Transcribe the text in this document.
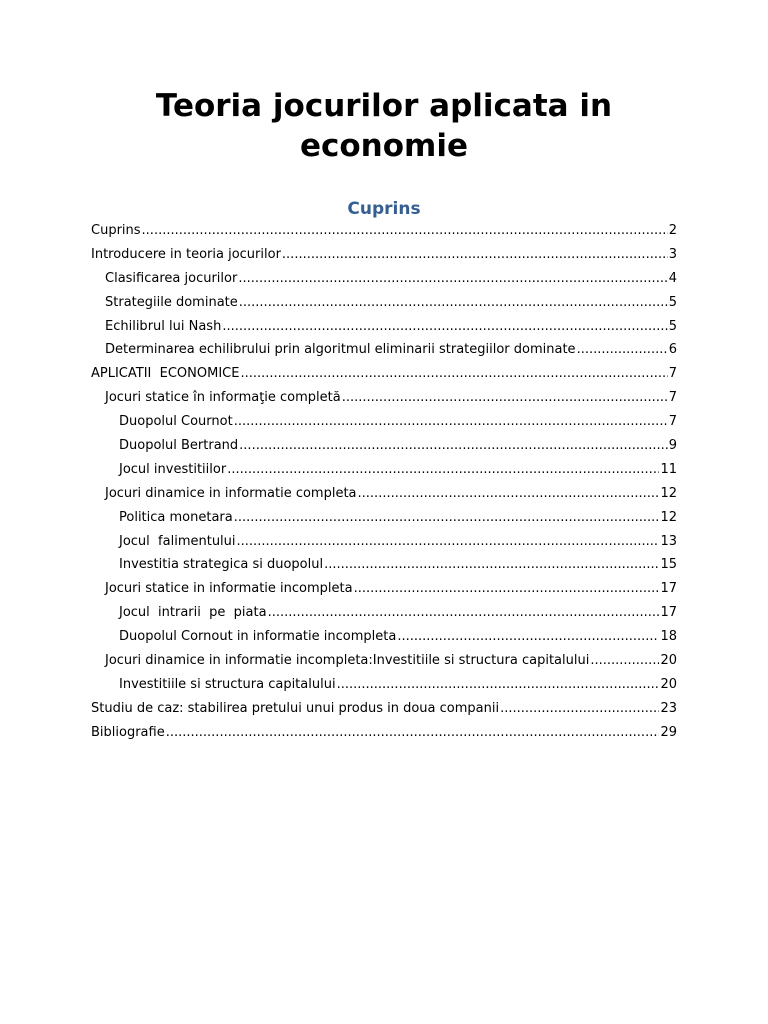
Teoria jocurilor aplicata in economie
Cuprins
Cuprins .....	2
Introducere in teoria jocurilor .....	3
Clasificarea jocurilor .....	4
Strategiile dominate .....	5
Echilibrul lui Nash .....	5
Determinarea echilibrului prin algoritmul eliminarii strategiilor dominate .....	6
APLICATII  ECONOMICE .....	7
Jocuri statice în informaţie completă .....	7
Duopolul Cournot .....	7
Duopolul Bertrand .....	9
Jocul investitiilor .....	11
Jocuri dinamice in informatie completa .....	12
Politica monetara .....	12
Jocul  falimentului .....	13
Investitia strategica si duopolul .....	15
Jocuri statice in informatie incompleta .....	17
Jocul  intrarii  pe  piata .....	17
Duopolul Cornout in informatie incompleta .....	18
Jocuri dinamice in informatie incompleta:Investitiile si structura capitalului .....	20
Investitiile si structura capitalului .....	20
Studiu de caz: stabilirea pretului unui produs in doua companii .....	23
Bibliografie .....	29
